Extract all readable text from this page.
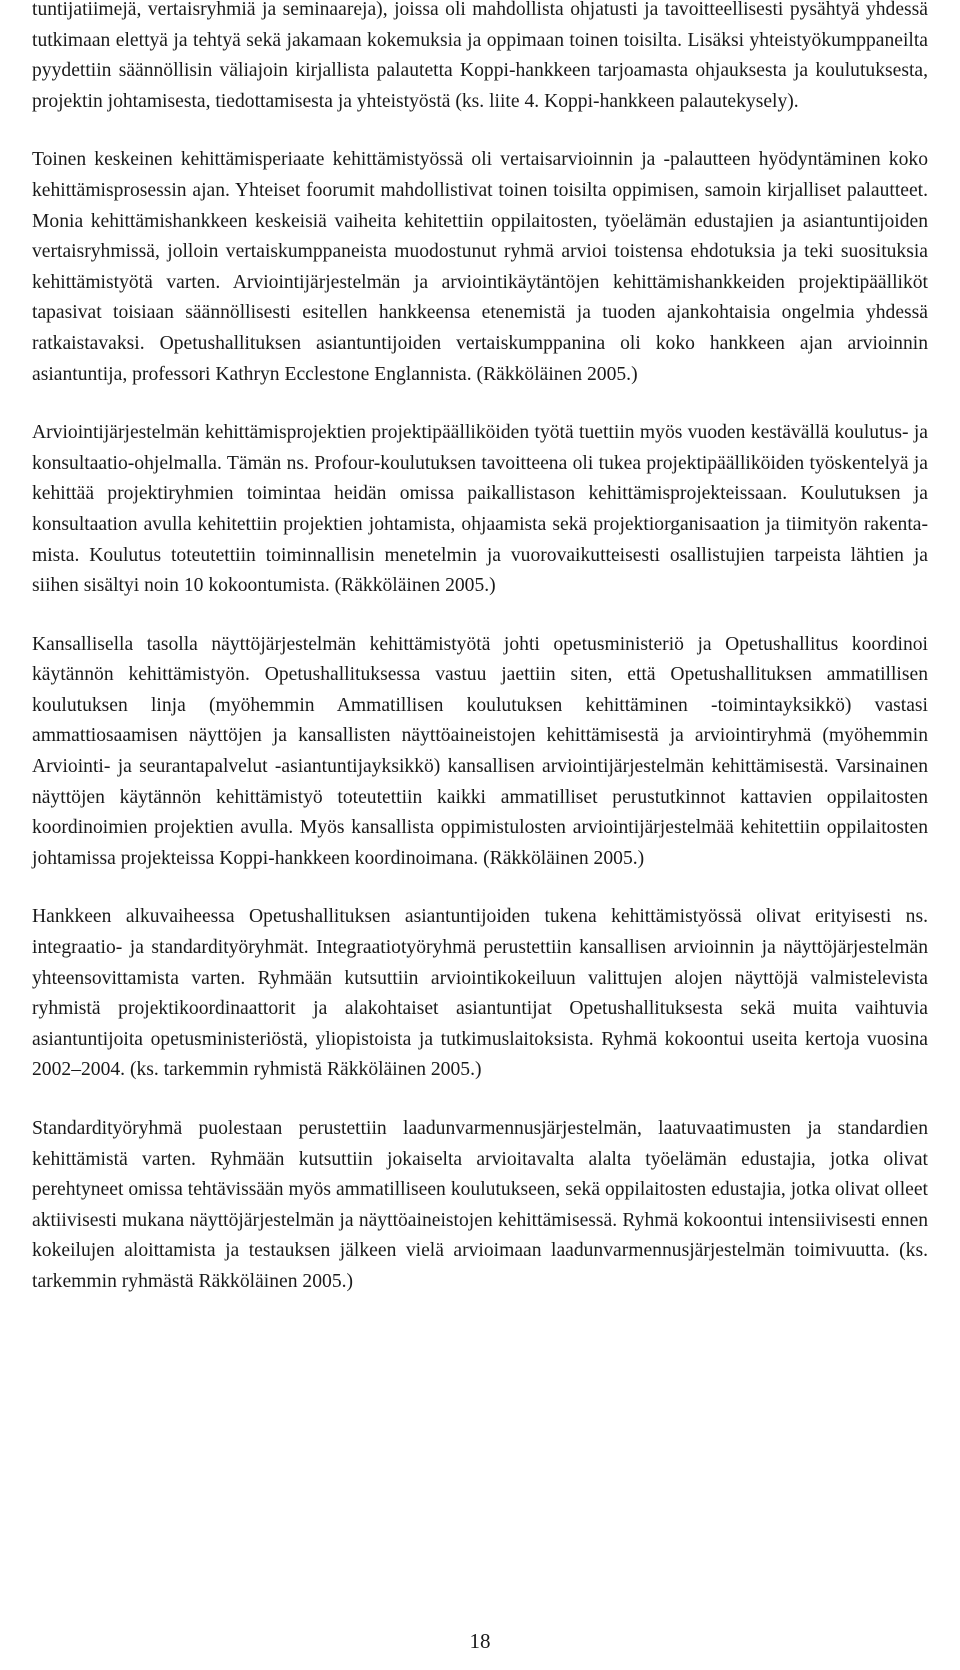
tuntijatiimejä, vertaisryhmiä ja seminaareja), joissa oli mahdollista ohjatusti ja tavoitteellisesti pysähtyä yhdessä tutkimaan elettyä ja tehtyä sekä jakamaan kokemuksia ja oppimaan toinen toisilta. Lisäksi yhteistyökumppaneilta pyydettiin säännöllisin väliajoin kirjallista palautetta Koppi-hankkeen tarjoamasta ohjauksesta ja koulutuksesta, projektin johtamisesta, tiedottamisesta ja yhteistyöstä (ks. liite 4. Koppi-hankkeen palautekysely).

Toinen keskeinen kehittämisperiaate kehittämistyössä oli vertaisarvioinnin ja -palautteen hyödyntäminen koko kehittämisprosessin ajan. Yhteiset foorumit mahdollistivat toinen toisilta oppimisen, samoin kirjalliset palautteet. Monia kehittämishankkeen keskeisiä vaiheita kehitettiin oppilaitosten, työelämän edustajien ja asiantuntijoiden vertaisryhmissä, jolloin vertaiskumppaneista muodostunut ryhmä arvioi toistensa ehdotuksia ja teki suosituksia kehittämistyötä varten. Arviointijärjestelmän ja arviointikäytäntöjen kehittämishankkeiden projektipäälliköt tapasivat toisiaan säännöllisesti esitellen hankkeensa etenemistä ja tuoden ajankohtaisia ongelmia yhdessä ratkaistavaksi. Opetushallituksen asiantuntijoiden vertaiskumppanina oli koko hankkeen ajan arvioinnin asiantuntija, professori Kathryn Ecclestone Englannista. (Räkköläinen 2005.)

Arviointijärjestelmän kehittämisprojektien projektipäälliköiden työtä tuettiin myös vuoden kestävällä koulutus- ja konsultaatio-ohjelmalla. Tämän ns. Profour-koulutuksen tavoitteena oli tukea projektipäälliköiden työskentelyä ja kehittää projektiryhmien toimintaa heidän omissa paikallistason kehittämisprojekteissaan. Koulutuksen ja konsultaation avulla kehitettiin projektien johtamista, ohjaamista sekä projektiorganisaation ja tiimityön rakentamista. Koulutus toteutettiin toiminnallisin menetelmin ja vuorovaikutteisesti osallistujien tarpeista lähtien ja siihen sisältyi noin 10 kokoontumista. (Räkköläinen 2005.)

Kansallisella tasolla näyttöjärjestelmän kehittämistyötä johti opetusministeriö ja Opetushallitus koordinoi käytännön kehittämistyön. Opetushallituksessa vastuu jaettiin siten, että Opetushallituksen ammatillisen koulutuksen linja (myöhemmin Ammatillisen koulutuksen kehittäminen -toimintayksikkö) vastasi ammattiosaamisen näyttöjen ja kansallisten näyttöaineistojen kehittämisestä ja arviointiryhmä (myöhemmin Arviointi- ja seurantapalvelut -asiantuntijayksikkö) kansallisen arviointijärjestelmän kehittämisestä. Varsinainen näyttöjen käytännön kehittämistyö toteutettiin kaikki ammatilliset perustutkinnot kattavien oppilaitosten koordinoimien projektien avulla. Myös kansallista oppimistulosten arviointijärjestelmää kehitettiin oppilaitosten johtamissa projekteissa Koppi-hankkeen koordinoimana. (Räkköläinen 2005.)

Hankkeen alkuvaiheessa Opetushallituksen asiantuntijoiden tukena kehittämistyössä olivat erityisesti ns. integraatio- ja standardityöryhmät. Integraatiotyöryhmä perustettiin kansallisen arvioinnin ja näyttöjärjestelmän yhteensovittamista varten. Ryhmään kutsuttiin arviointikokeiluun valittujen alojen näyttöjä valmistelevista ryhmistä projektikoordinaattorit ja alakohtaiset asiantuntijat Opetushallituksesta sekä muita vaihtuvia asiantuntijoita opetusministeriöstä, yliopistoista ja tutkimuslaitoksista. Ryhmä kokoontui useita kertoja vuosina 2002–2004. (ks. tarkemmin ryhmistä Räkköläinen 2005.)

Standardityöryhmä puolestaan perustettiin laadunvarmennusjärjestelmän, laatuvaatimusten ja standardien kehittämistä varten. Ryhmään kutsuttiin jokaiselta arvioitavalta alalta työelämän edustajia, jotka olivat perehtyneet omissa tehtävissään myös ammatilliseen koulutukseen, sekä oppilaitosten edustajia, jotka olivat olleet aktiivisesti mukana näyttöjärjestelmän ja näyttöaineistojen kehittämisessä. Ryhmä kokoontui intensiivisesti ennen kokeilujen aloittamista ja testauksen jälkeen vielä arvioimaan laadunvarmennusjärjestelmän toimivuutta. (ks. tarkemmin ryhmästä Räkköläinen 2005.)

18
